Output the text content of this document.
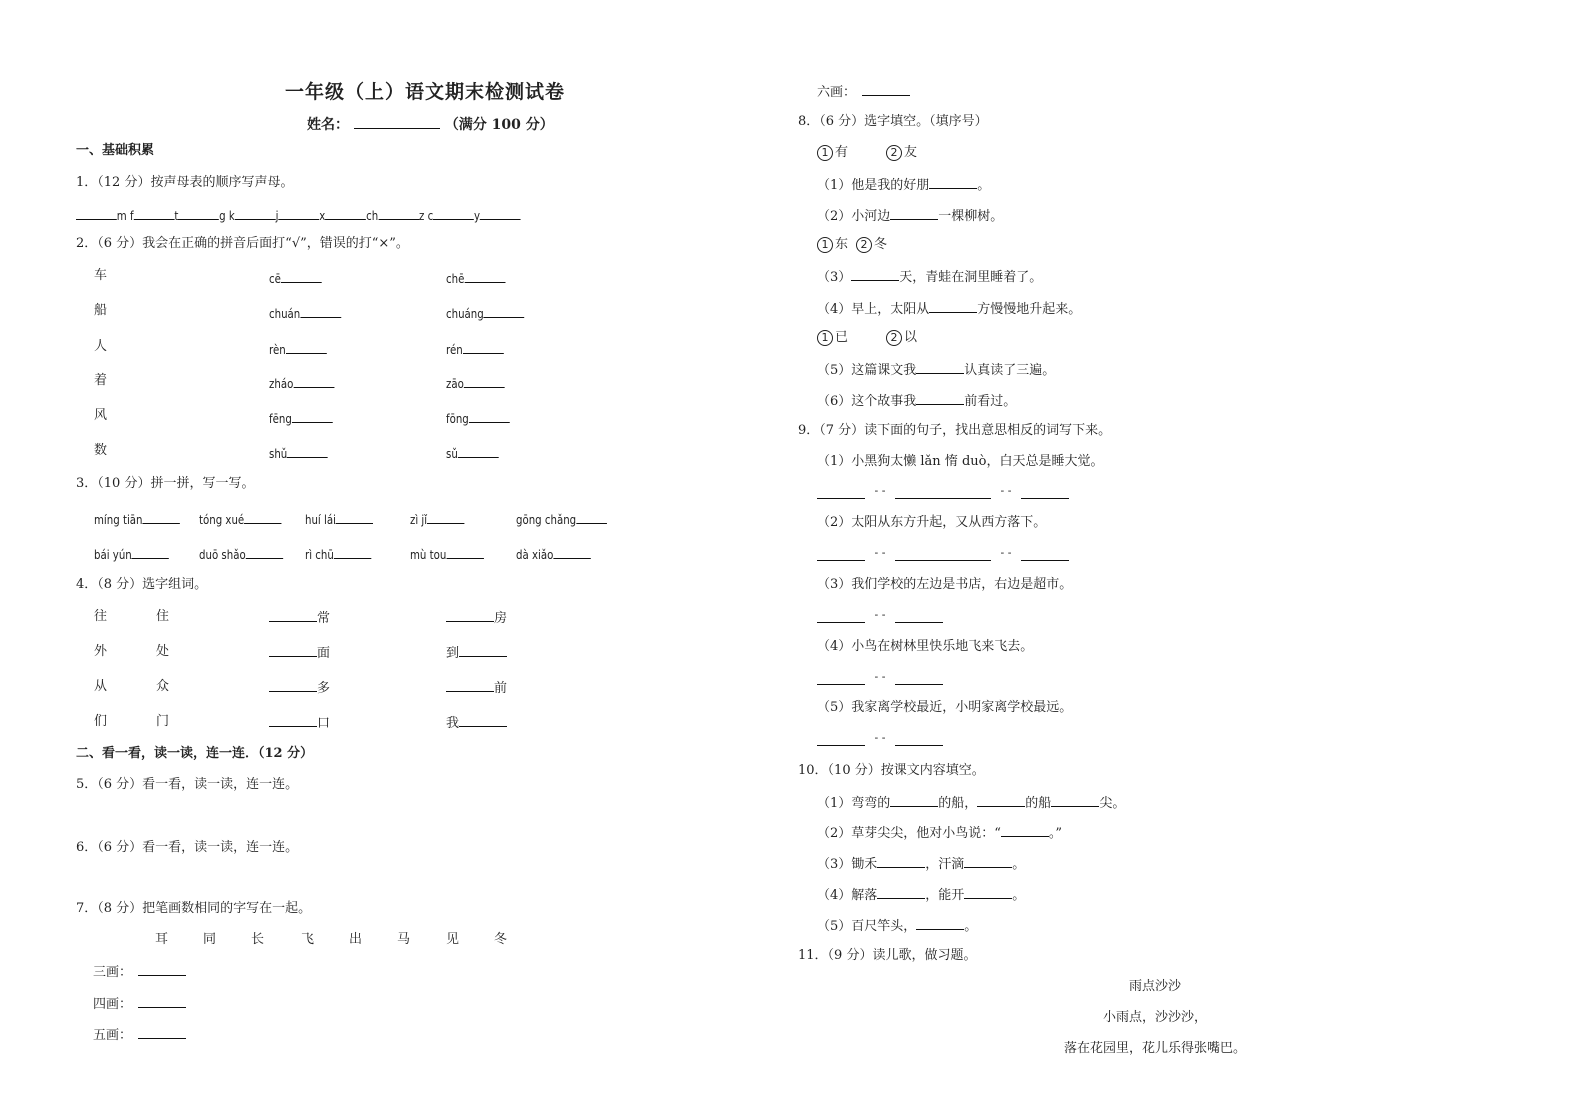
一年级（上）语文期末检测试卷
姓名：	（满分 100 分）
一、基础积累
1．（12 分）按声母表的顺序写声母。
m f	t	g k	j	x	ch	z c	y
2．（6 分）我会在正确的拼音后面打“√”，错误的打“×”。
车	cē	chē
船	chuán	chuáng
人	rèn	rén
着	zháo	zāo
风	fēng	fōng
数	shǔ	sǔ
3．（10 分）拼一拼，写一写。
míng tiān	tóng xué	huí lái	zì jǐ	gōng chǎng
bái yún	duō shǎo	rì chū	mù tou	dà xiǎo
4．（8 分）选字组词。
往	住	常	房
外	处	面	到
从	众	多	前
们	门	口	我
二、看一看，读一读，连一连．（12 分）
5．（6 分）看一看，读一读，连一连。
6．（6 分）看一看，读一读，连一连。
7．（8 分）把笔画数相同的字写在一起。
耳	同	长	飞	出	马	见	冬
三画：
四画：
五画：
六画：
8．（6 分）选字填空。（填序号）
1 有	2 友
（1）他是我的好朋	。
（2）小河边	一棵柳树。
1 东 2 冬
（3）	天，青蛙在洞里睡着了。
（4）早上，太阳从	方慢慢地升起来。
1 已	2 以
（5）这篇课文我	认真读了三遍。
（6）这个故事我	前看过。
9．（7 分）读下面的句子，找出意思相反的词写下来。
（1）小黑狗太懒 lǎn 惰 duò，白天总是睡大觉。
- -	- -
（2）太阳从东方升起，又从西方落下。
- -	- -
（3）我们学校的左边是书店，右边是超市。
- -
（4）小鸟在树林里快乐地飞来飞去。
- -
（5）我家离学校最近，小明家离学校最远。
- -
10．（10 分）按课文内容填空。
（1）弯弯的	的船，	的船	尖。
（2）草芽尖尖，他对小鸟说：“	。”
（3）锄禾	，汗滴	。
（4）解落	，能开	。
（5）百尺竿头，	。
11．（9 分）读儿歌，做习题。
雨点沙沙
小雨点，沙沙沙，
落在花园里，花儿乐得张嘴巴。
